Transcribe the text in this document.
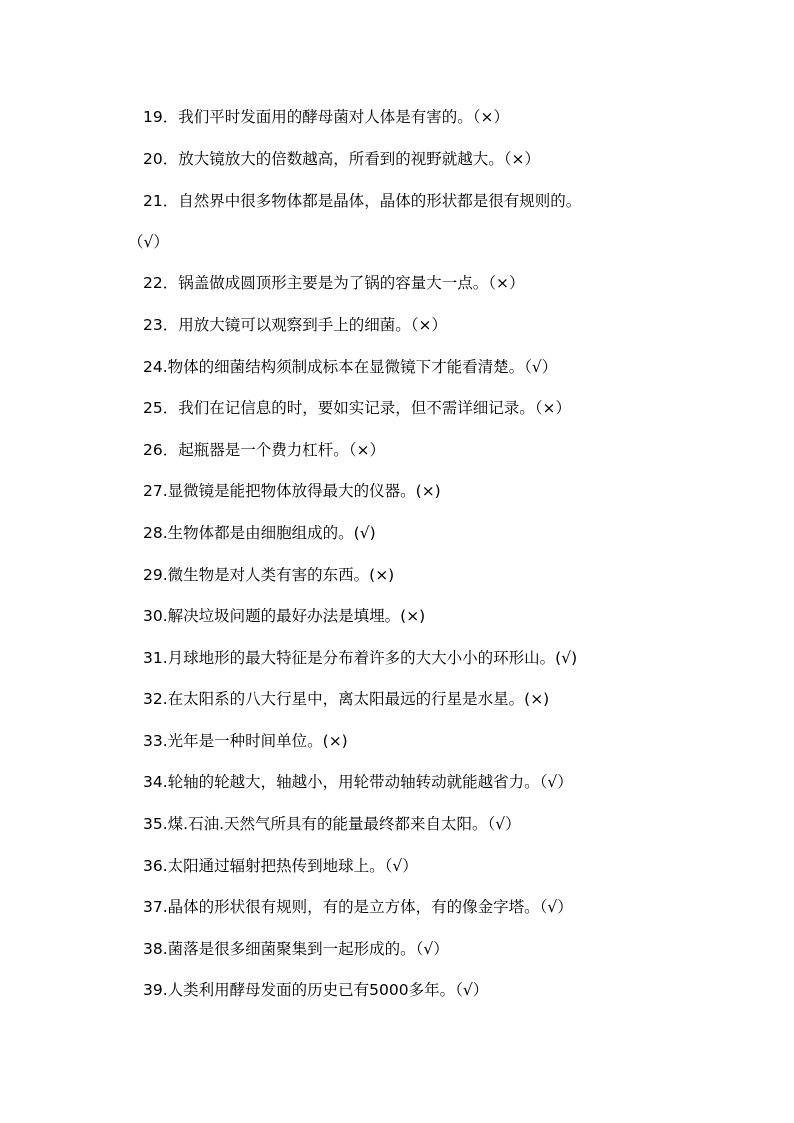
19．我们平时发面用的酵母菌对人体是有害的。（×）
20．放大镜放大的倍数越高，所看到的视野就越大。（×）
21．自然界中很多物体都是晶体，晶体的形状都是很有规则的。
（√）
22．锅盖做成圆顶形主要是为了锅的容量大一点。（×）
23．用放大镜可以观察到手上的细菌。（×）
24.物体的细菌结构须制成标本在显微镜下才能看清楚。（√）
25．我们在记信息的时，要如实记录，但不需详细记录。（×）
26．起瓶器是一个费力杠杆。（×）
27.显微镜是能把物体放得最大的仪器。(×)
28.生物体都是由细胞组成的。(√)
29.微生物是对人类有害的东西。(×)
30.解决垃圾问题的最好办法是填埋。(×)
31.月球地形的最大特征是分布着许多的大大小小的环形山。(√)
32.在太阳系的八大行星中，离太阳最远的行星是水星。(×)
33.光年是一种时间单位。(×)
34.轮轴的轮越大，轴越小，用轮带动轴转动就能越省力。（√）
35.煤.石油.天然气所具有的能量最终都来自太阳。（√）
36.太阳通过辐射把热传到地球上。（√）
37.晶体的形状很有规则，有的是立方体，有的像金字塔。（√）
38.菌落是很多细菌聚集到一起形成的。（√）
39.人类利用酵母发面的历史已有5000多年。（√）
